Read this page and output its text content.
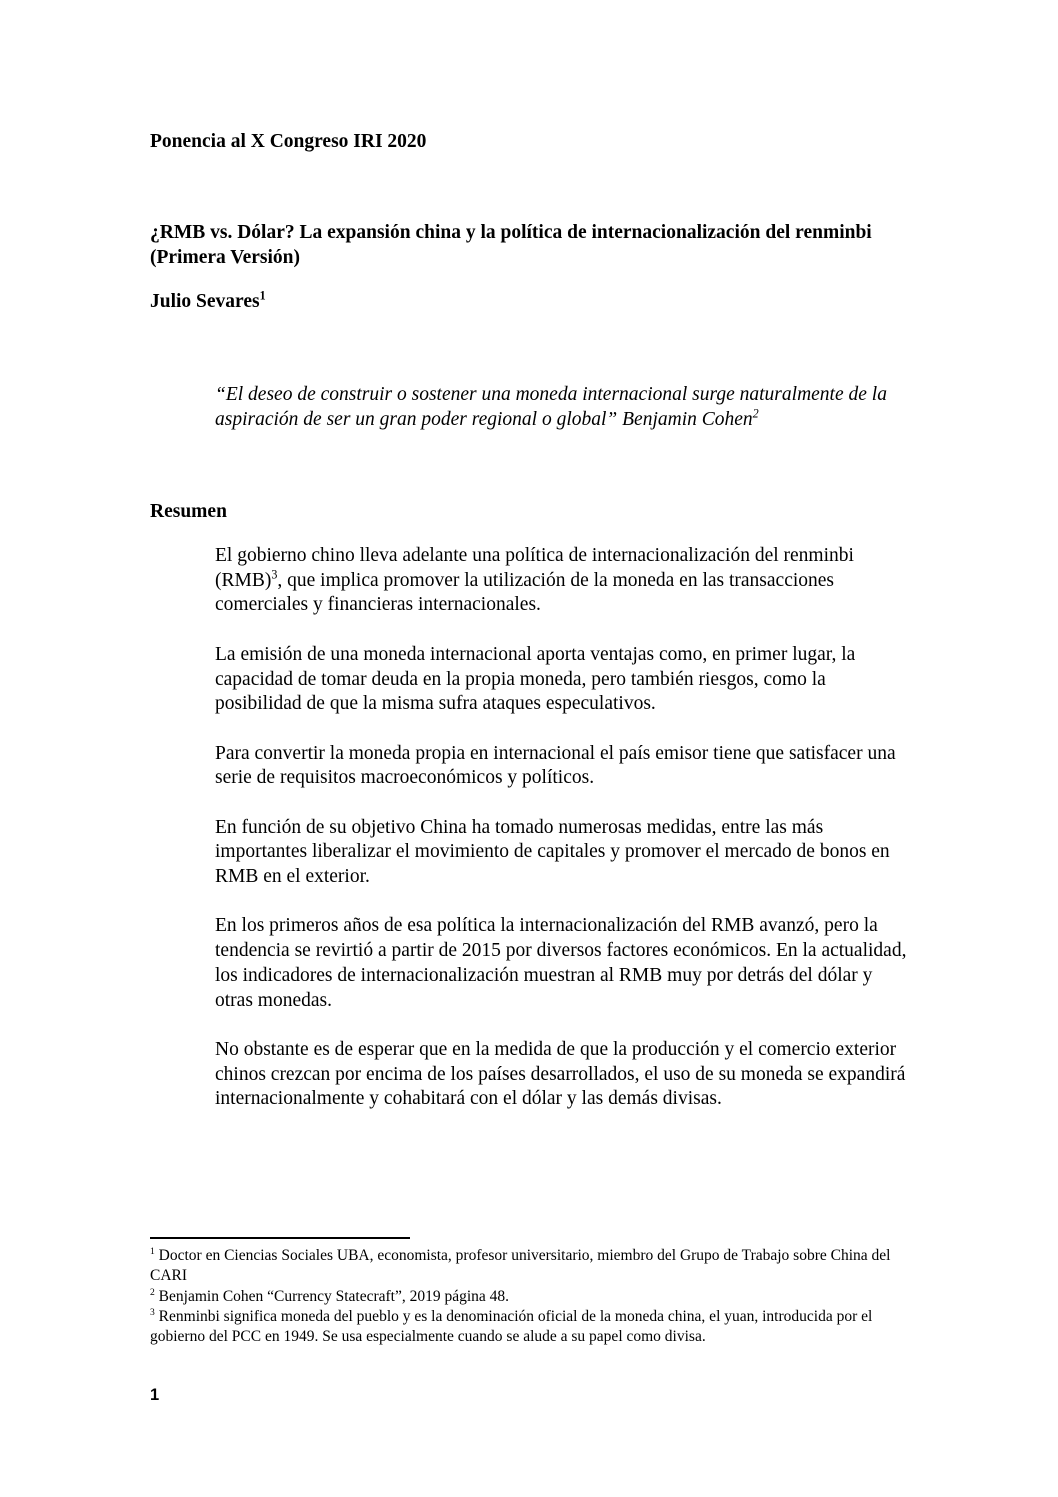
Ponencia al X Congreso IRI 2020
¿RMB vs. Dólar? La expansión china y la política de internacionalización del renminbi (Primera Versión)
Julio Sevares$^1$
“El deseo de construir o sostener una moneda internacional surge naturalmente de la aspiración de ser un gran poder regional o global” Benjamin Cohen$^2$
Resumen

El gobierno chino lleva adelante una política de internacionalización del renminbi (RMB)$^3$, que implica promover la utilización de la moneda en las transacciones comerciales y financieras internacionales.

La emisión de una moneda internacional aporta ventajas como, en primer lugar, la capacidad de tomar deuda en la propia moneda, pero también riesgos, como la posibilidad de que la misma sufra ataques especulativos.

Para convertir la moneda propia en internacional el país emisor tiene que satisfacer una serie de requisitos macroeconómicos y políticos.

En función de su objetivo China ha tomado numerosas medidas, entre las más importantes liberalizar el movimiento de capitales y promover el mercado de bonos en RMB en el exterior.

En los primeros años de esa política la internacionalización del RMB avanzó, pero la tendencia se revirtió a partir de 2015 por diversos factores económicos. En la actualidad, los indicadores de internacionalización muestran al RMB muy por detrás del dólar y otras monedas.

No obstante es de esperar que en la medida de que la producción y el comercio exterior chinos crezcan por encima de los países desarrollados, el uso de su moneda se expandirá internacionalmente y cohabitará con el dólar y las demás divisas.

$^1$ Doctor en Ciencias Sociales UBA, economista, profesor universitario, miembro del Grupo de Trabajo sobre China del CARI

$^2$ Benjamin Cohen “Currency Statecraft”, 2019 página 48.

$^3$ Renminbi significa moneda del pueblo y es la denominación oficial de la moneda china, el yuan, introducida por el gobierno del PCC en 1949. Se usa especialmente cuando se alude a su papel como divisa.

1
